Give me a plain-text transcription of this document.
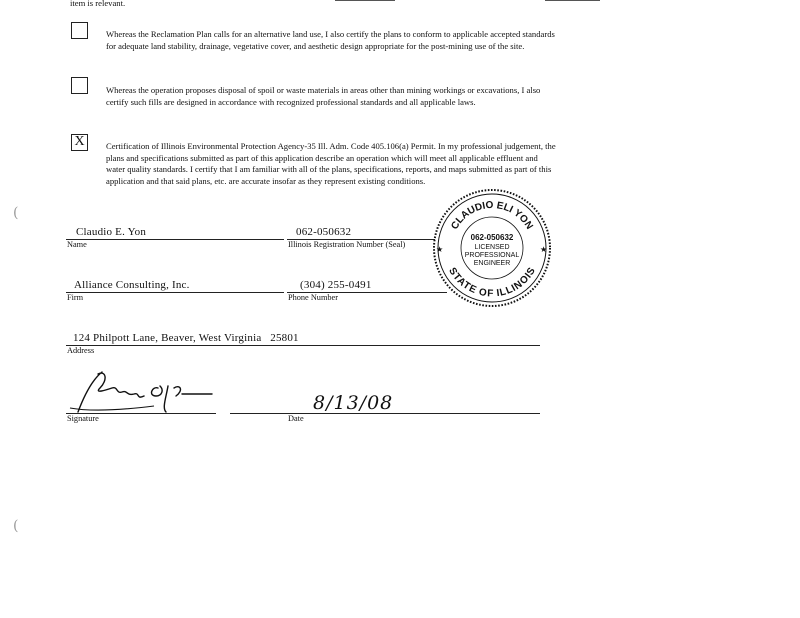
item is relevant.
Whereas the Reclamation Plan calls for an alternative land use, I also certify the plans to conform to applicable accepted standards for adequate land stability, drainage, vegetative cover, and aesthetic design appropriate for the post-mining use of the site.
Whereas the operation proposes disposal of spoil or waste materials in areas other than mining workings or excavations, I also certify such fills are designed in accordance with recognized professional standards and all applicable laws.
X	Certification of Illinois Environmental Protection Agency-35 Ill. Adm. Code 405.106(a) Permit. In my professional judgement, the plans and specifications submitted as part of this application describe an operation which will meet all applicable effluent and water quality standards. I certify that I am familiar with all of the plans, specifications, reports, and maps submitted as part of this application and that said plans, etc. are accurate insofar as they represent existing conditions.
(
(
Claudio E. Yon
Name
062-050632
Illinois Registration Number (Seal)
Alliance Consulting, Inc.
Firm
(304) 255-0491
Phone Number
124 Philpott Lane, Beaver, West Virginia   25801
Address
Signature
8/13/08
Date
CLAUDIO ELI YON
STATE OF ILLINOIS
062-050632
LICENSED
PROFESSIONAL
ENGINEER
★	★
